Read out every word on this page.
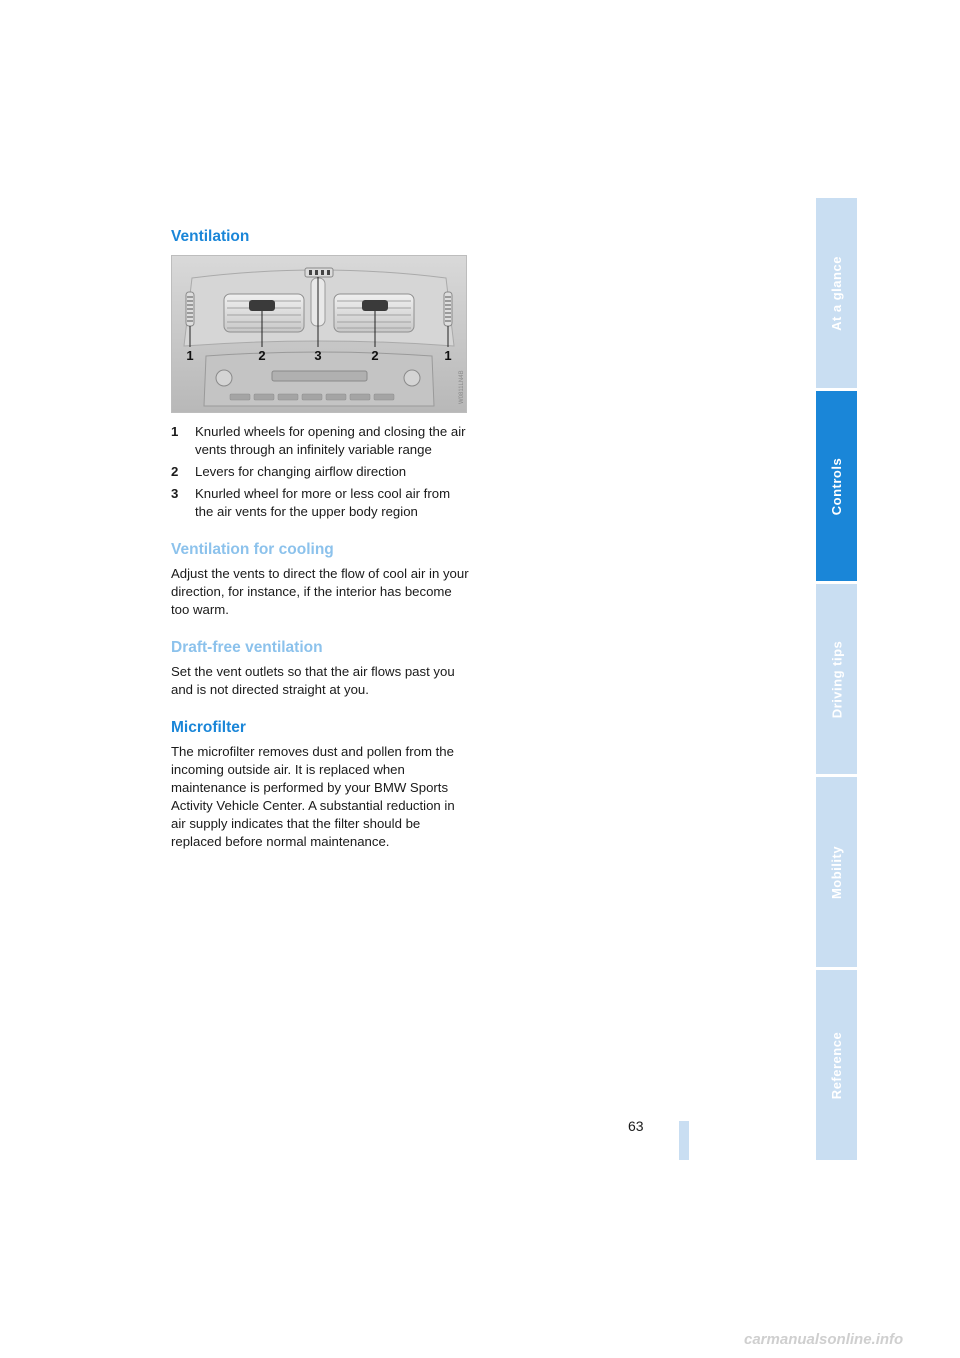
Ventilation
1	2	3	2	1
W0811LN4B
1	Knurled wheels for opening and closing the air vents through an infinitely variable range
2	Levers for changing airflow direction
3	Knurled wheel for more or less cool air from the air vents for the upper body region
Ventilation for cooling

Adjust the vents to direct the flow of cool air in your direction, for instance, if the interior has become too warm.

Draft-free ventilation

Set the vent outlets so that the air flows past you and is not directed straight at you.

Microfilter

The microfilter removes dust and pollen from the incoming outside air. It is replaced when maintenance is performed by your BMW Sports Activity Vehicle Center. A substantial reduction in air supply indicates that the filter should be replaced before normal maintenance.

At a glance
Controls
Driving tips
Mobility
Reference
63
carmanualsonline.info
